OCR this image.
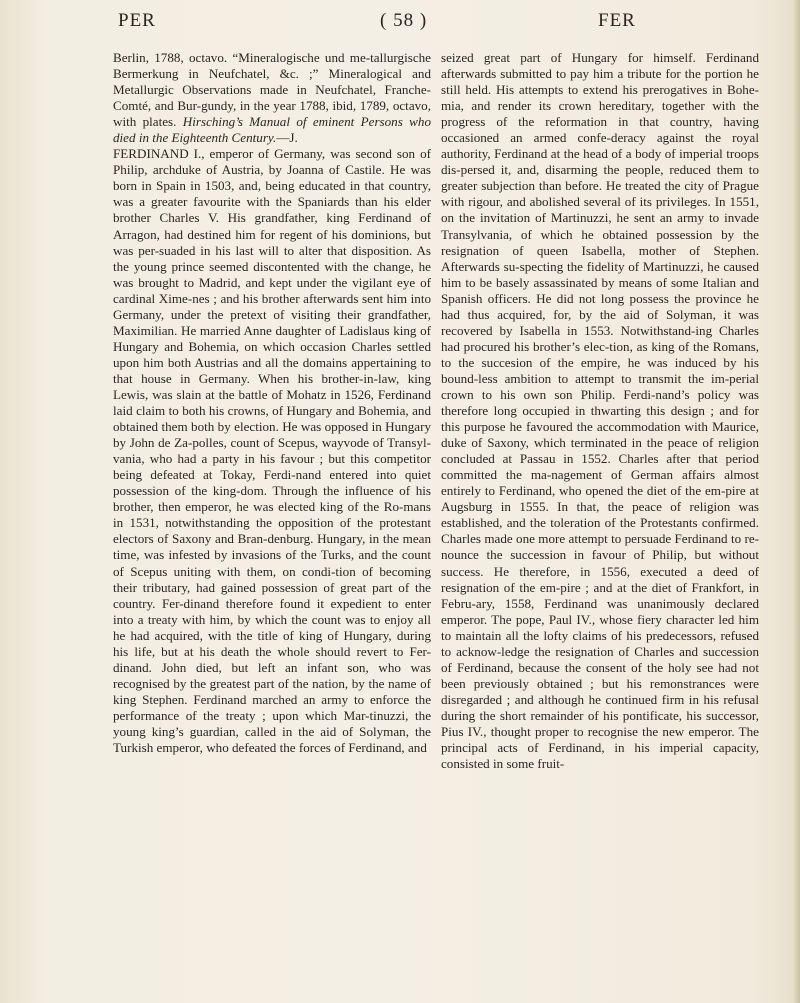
PER	( 58 )	FER

Berlin, 1788, octavo. “Mineralogische und me-tallurgische Bermerkung in Neufchatel, &c. ;” Mineralogical and Metallurgic Observations made in Neufchatel, Franche-Comté, and Bur-gundy, in the year 1788, ibid, 1789, octavo, with plates. Hirsching’s Manual of eminent Persons who died in the Eighteenth Century.—J.

FERDINAND I., emperor of Germany, was second son of Philip, archduke of Austria, by Joanna of Castile. He was born in Spain in 1503, and, being educated in that country, was a greater favourite with the Spaniards than his elder brother Charles V. His grandfather, king Ferdinand of Arragon, had destined him for regent of his dominions, but was per-suaded in his last will to alter that disposition. As the young prince seemed discontented with the change, he was brought to Madrid, and kept under the vigilant eye of cardinal Xime-nes ; and his brother afterwards sent him into Germany, under the pretext of visiting their grandfather, Maximilian. He married Anne daughter of Ladislaus king of Hungary and Bohemia, on which occasion Charles settled upon him both Austrias and all the domains appertaining to that house in Germany. When his brother-in-law, king Lewis, was slain at the battle of Mohatz in 1526, Ferdinand laid claim to both his crowns, of Hungary and Bohemia, and obtained them both by election. He was opposed in Hungary by John de Za-polles, count of Scepus, wayvode of Transyl-vania, who had a party in his favour ; but this competitor being defeated at Tokay, Ferdi-nand entered into quiet possession of the king-dom. Through the influence of his brother, then emperor, he was elected king of the Ro-mans in 1531, notwithstanding the opposition of the protestant electors of Saxony and Bran-denburg. Hungary, in the mean time, was infested by invasions of the Turks, and the count of Scepus uniting with them, on condi-tion of becoming their tributary, had gained possession of great part of the country. Fer-dinand therefore found it expedient to enter into a treaty with him, by which the count was to enjoy all he had acquired, with the title of king of Hungary, during his life, but at his death the whole should revert to Fer-dinand. John died, but left an infant son, who was recognised by the greatest part of the nation, by the name of king Stephen. Ferdinand marched an army to enforce the performance of the treaty ; upon which Mar-tinuzzi, the young king’s guardian, called in the aid of Solyman, the Turkish emperor, who defeated the forces of Ferdinand, and

seized great part of Hungary for himself. Ferdinand afterwards submitted to pay him a tribute for the portion he still held. His attempts to extend his prerogatives in Bohe-mia, and render its crown hereditary, together with the progress of the reformation in that country, having occasioned an armed confe-deracy against the royal authority, Ferdinand at the head of a body of imperial troops dis-persed it, and, disarming the people, reduced them to greater subjection than before. He treated the city of Prague with rigour, and abolished several of its privileges. In 1551, on the invitation of Martinuzzi, he sent an army to invade Transylvania, of which he obtained possession by the resignation of queen Isabella, mother of Stephen. Afterwards su-specting the fidelity of Martinuzzi, he caused him to be basely assassinated by means of some Italian and Spanish officers. He did not long possess the province he had thus acquired, for, by the aid of Solyman, it was recovered by Isabella in 1553. Notwithstand-ing Charles had procured his brother’s elec-tion, as king of the Romans, to the succesion of the empire, he was induced by his bound-less ambition to attempt to transmit the im-perial crown to his own son Philip. Ferdi-nand’s policy was therefore long occupied in thwarting this design ; and for this purpose he favoured the accommodation with Maurice, duke of Saxony, which terminated in the peace of religion concluded at Passau in 1552. Charles after that period committed the ma-nagement of German affairs almost entirely to Ferdinand, who opened the diet of the em-pire at Augsburg in 1555. In that, the peace of religion was established, and the toleration of the Protestants confirmed. Charles made one more attempt to persuade Ferdinand to re-nounce the succession in favour of Philip, but without success. He therefore, in 1556, executed a deed of resignation of the em-pire ; and at the diet of Frankfort, in Febru-ary, 1558, Ferdinand was unanimously declared emperor. The pope, Paul IV., whose fiery character led him to maintain all the lofty claims of his predecessors, refused to acknow-ledge the resignation of Charles and succession of Ferdinand, because the consent of the holy see had not been previously obtained ; but his remonstrances were disregarded ; and although he continued firm in his refusal during the short remainder of his pontificate, his successor, Pius IV., thought proper to recognise the new emperor. The principal acts of Ferdinand, in his imperial capacity, consisted in some fruit-
